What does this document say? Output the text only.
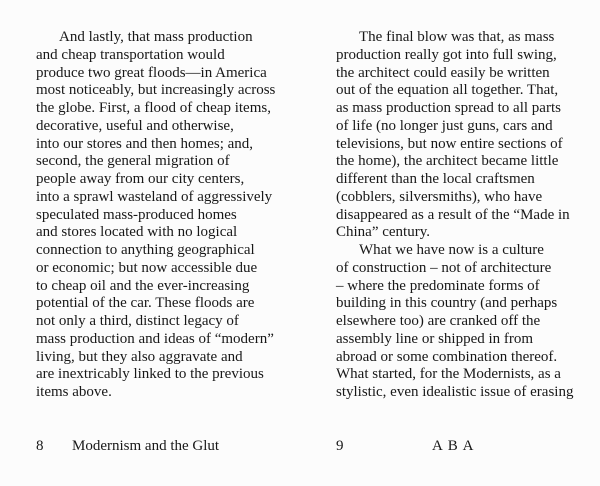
And lastly, that mass production
and cheap transportation would
produce two great floods—in America
most noticeably, but increasingly across
the globe. First, a flood of cheap items,
decorative, useful and otherwise,
into our stores and then homes; and,
second, the general migration of
people away from our city centers,
into a sprawl wasteland of aggressively
speculated mass-produced homes
and stores located with no logical
connection to anything geographical
or economic; but now accessible due
to cheap oil and the ever-increasing
potential of the car. These floods are
not only a third, distinct legacy of
mass production and ideas of “modern”
living, but they also aggravate and
are inextricably linked to the previous
items above.
8 Modernism and the Glut
The final blow was that, as mass
production really got into full swing,
the architect could easily be written
out of the equation all together. That,
as mass production spread to all parts
of life (no longer just guns, cars and
televisions, but now entire sections of
the home), the architect became little
different than the local craftsmen
(cobblers, silversmiths), who have
disappeared as a result of the “Made in
China” century.
What we have now is a culture
of construction – not of architecture
– where the predominate forms of
building in this country (and perhaps
elsewhere too) are cranked off the
assembly line or shipped in from
abroad or some combination thereof.
What started, for the Modernists, as a
stylistic, even idealistic issue of erasing
9	A B A
